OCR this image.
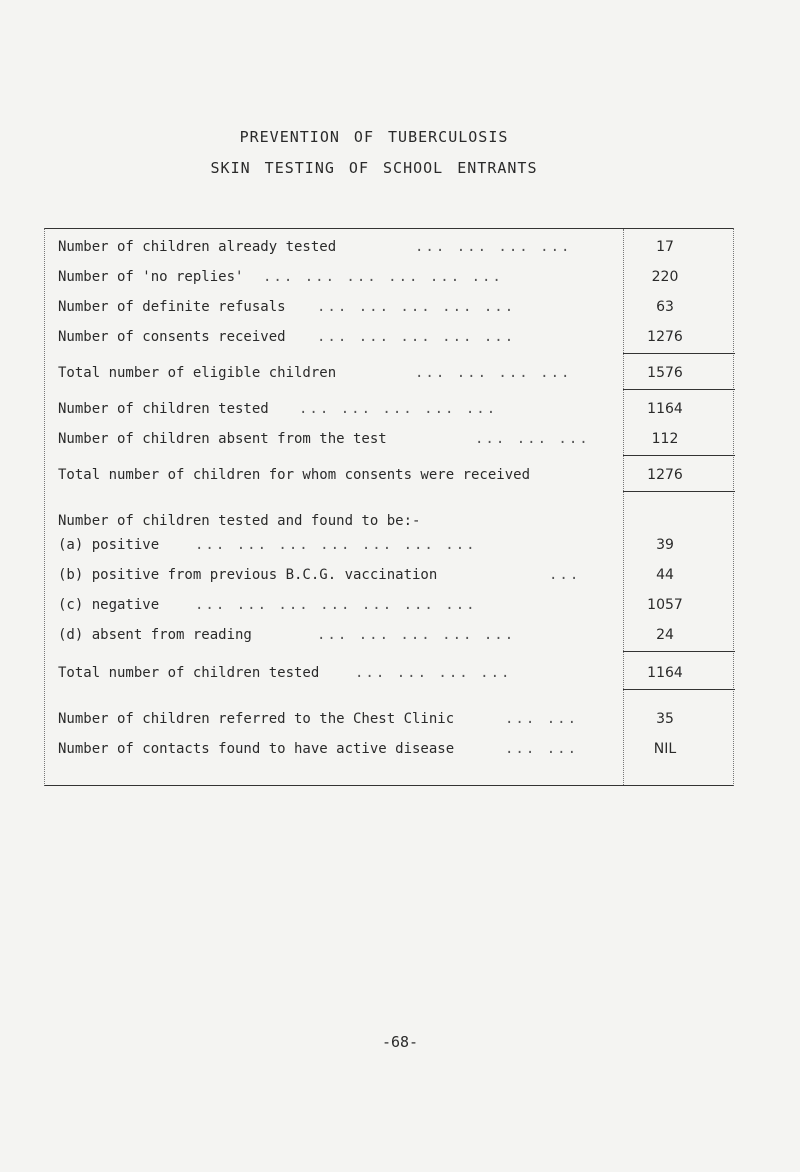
PREVENTION OF TUBERCULOSIS
SKIN TESTING OF SCHOOL ENTRANTS
Number of children already tested	... ... ... ...	17
Number of 'no replies' ... ... ... ... ... ...	220
Number of definite refusals ... ... ... ... ...	63
Number of consents received ... ... ... ... ...	1276
Total number of eligible children	... ... ... ...	1576
Number of children tested ... ... ... ... ...	1164
Number of children absent from the test	... ... ...	112
Total number of children for whom consents were received	1276
Number of children tested and found to be:-
(a) positive	... ... ... ... ... ... ...	39
(b) positive from previous B.C.G. vaccination	...	44
(c) negative	... ... ... ... ... ... ...	1057
(d) absent from reading	... ... ... ... ...	24
Total number of children tested	... ... ... ...	1164
Number of children referred to the Chest Clinic	... ...	35
Number of contacts found to have active disease	... ...	NIL
-68-
